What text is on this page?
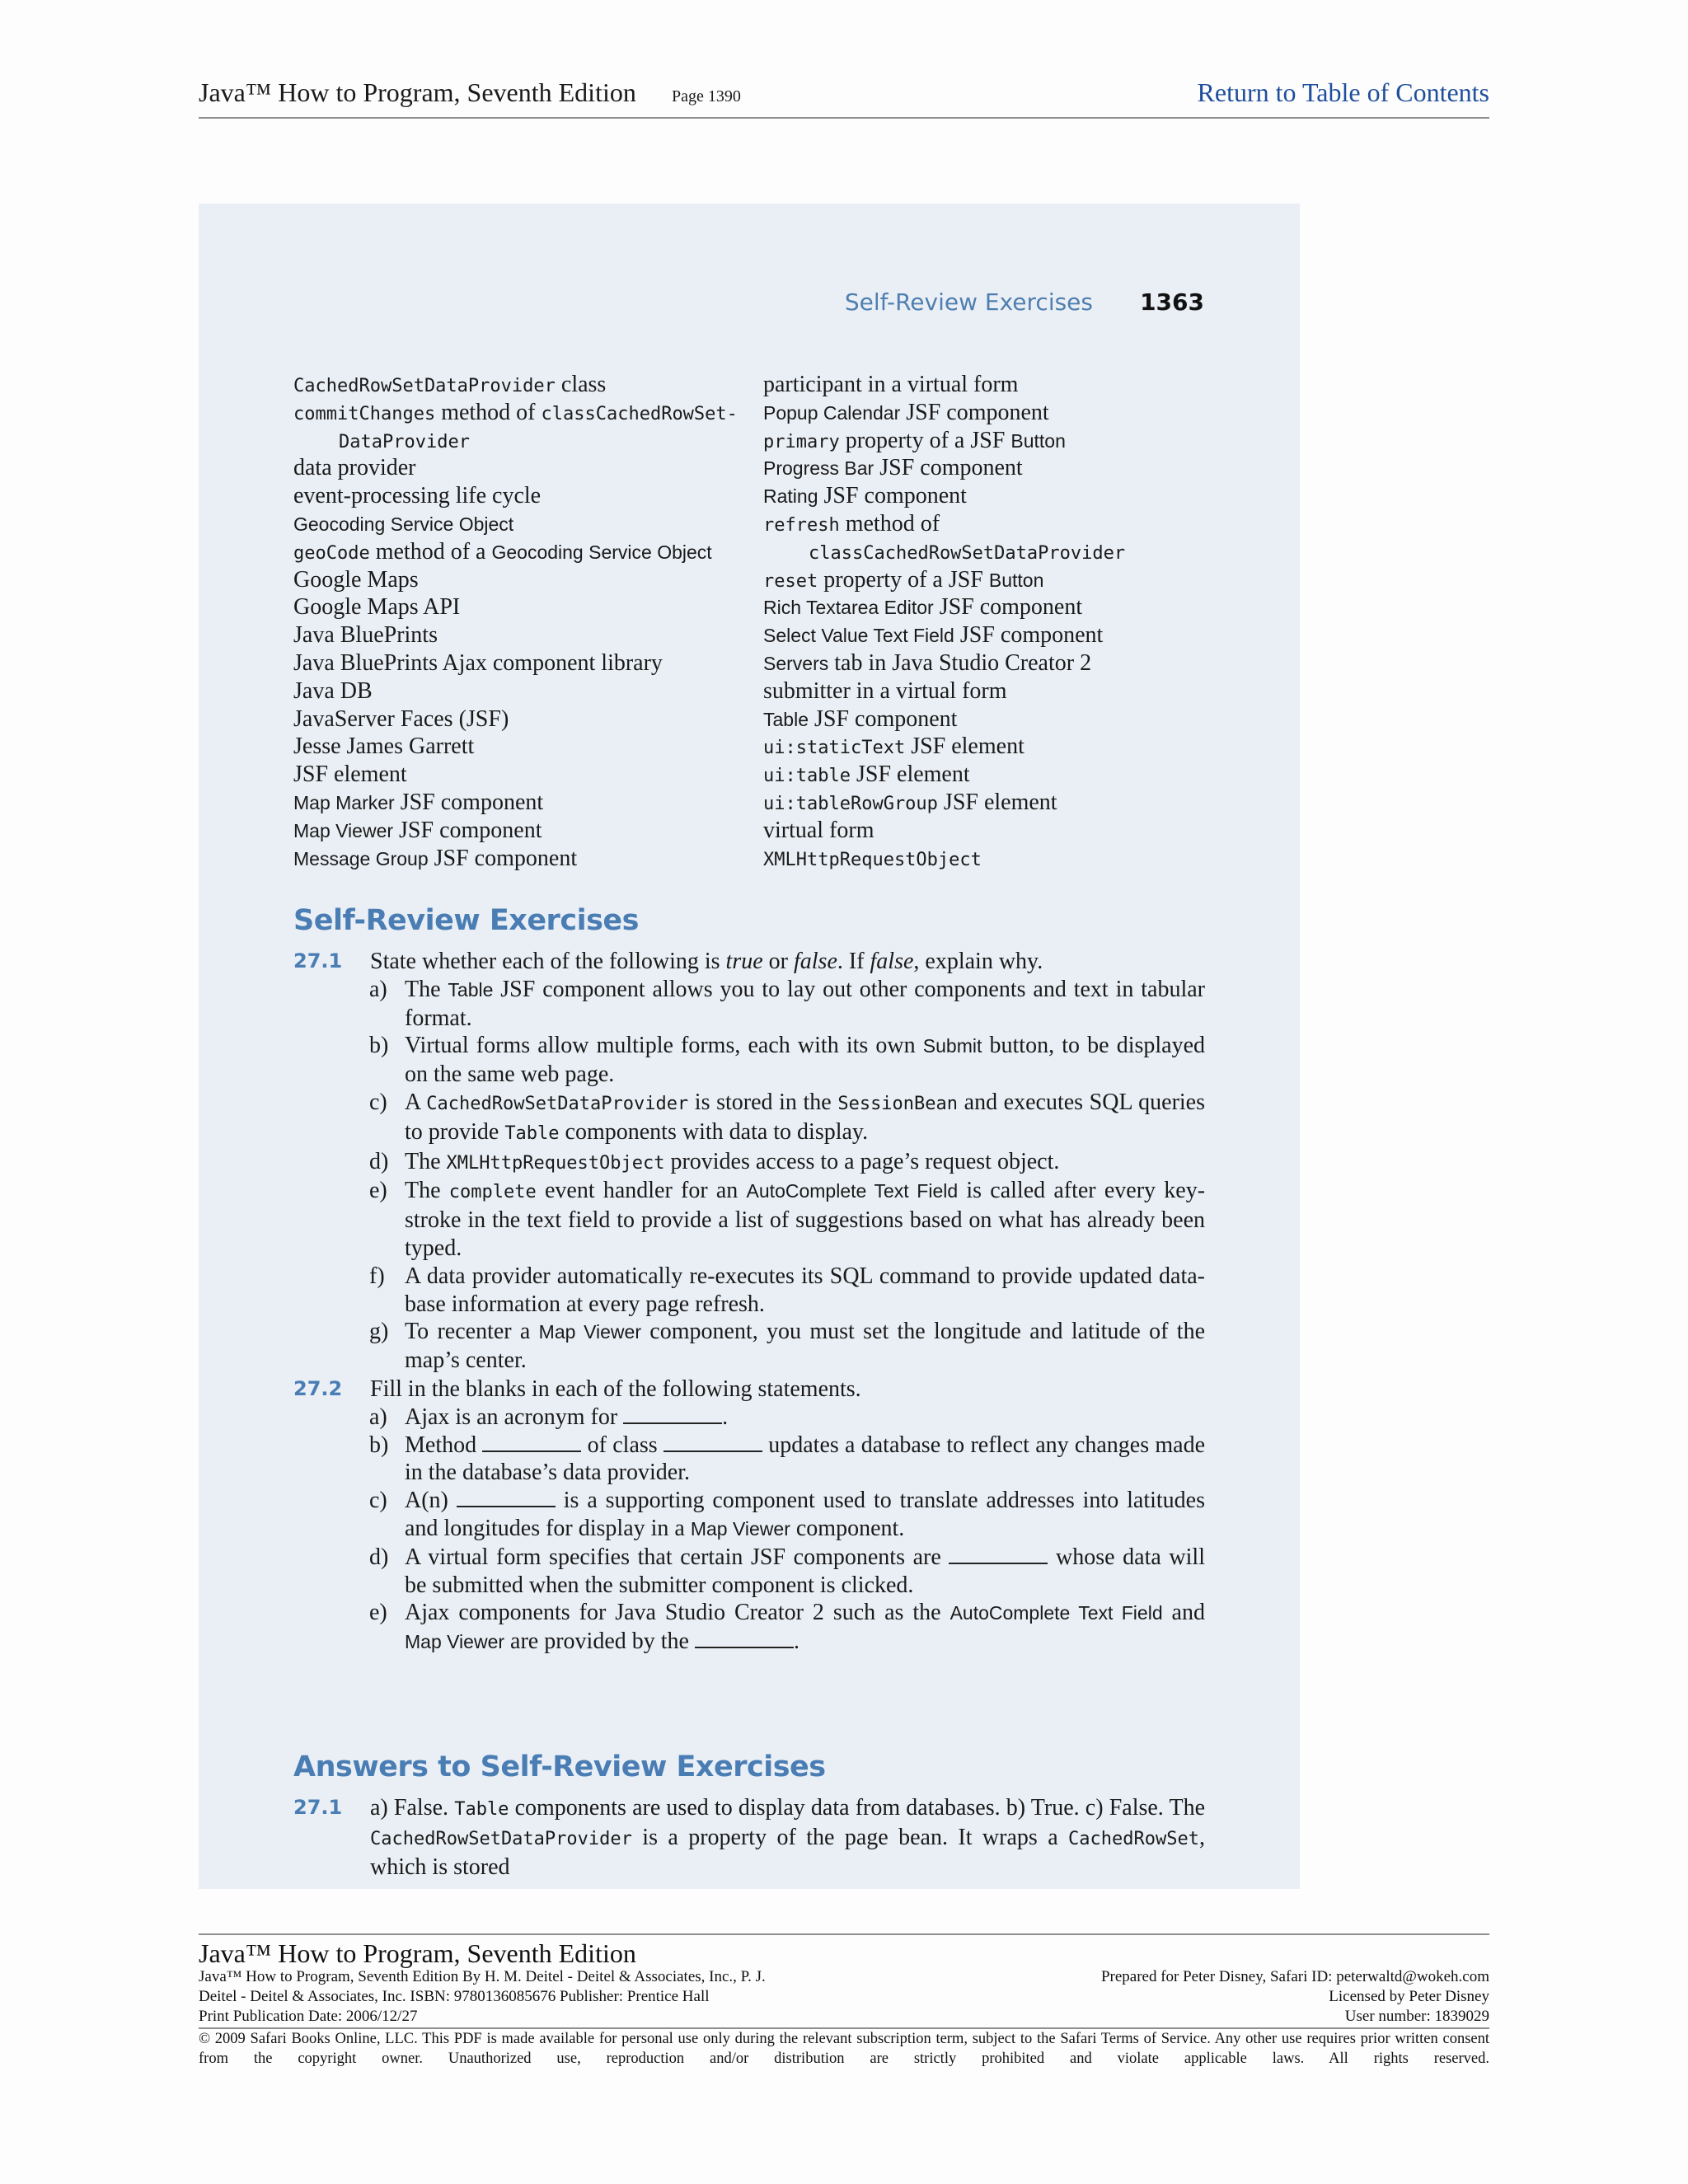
Java™ How to Program, Seventh Edition Page 1390	Return to Table of Contents
Self-Review Exercises 1363
CachedRowSetDataProvider class
commitChanges method of classCachedRowSet-
DataProvider
data provider
event-processing life cycle
Geocoding Service Object
geoCode method of a Geocoding Service Object
Google Maps
Google Maps API
Java BluePrints
Java BluePrints Ajax component library
Java DB
JavaServer Faces (JSF)
Jesse James Garrett
JSF element
Map Marker JSF component
Map Viewer JSF component
Message Group JSF component
participant in a virtual form
Popup Calendar JSF component
primary property of a JSF Button
Progress Bar JSF component
Rating JSF component
refresh method of
classCachedRowSetDataProvider
reset property of a JSF Button
Rich Textarea Editor JSF component
Select Value Text Field JSF component
Servers tab in Java Studio Creator 2
submitter in a virtual form
Table JSF component
ui:staticText JSF element
ui:table JSF element
ui:tableRowGroup JSF element
virtual form
XMLHttpRequestObject
Self-Review Exercises
27.1 State whether each of the following is true or false. If false, explain why.
a) The Table JSF component allows you to lay out other components and text in tabular format.
b) Virtual forms allow multiple forms, each with its own Submit button, to be displayed on the same web page.
c) A CachedRowSetDataProvider is stored in the SessionBean and executes SQL queries to provide Table components with data to display.
d) The XMLHttpRequestObject provides access to a page’s request object.
e) The complete event handler for an AutoComplete Text Field is called after every key-stroke in the text field to provide a list of suggestions based on what has already been typed.
f) A data provider automatically re-executes its SQL command to provide updated data-base information at every page refresh.
g) To recenter a Map Viewer component, you must set the longitude and latitude of the map’s center.
27.2 Fill in the blanks in each of the following statements.
a) Ajax is an acronym for	.
b) Method	of class	updates a database to reflect any changes made in the database’s data provider.
c) A(n)	is a supporting component used to translate addresses into latitudes and longitudes for display in a Map Viewer component.
d) A virtual form specifies that certain JSF components are	whose data will be submitted when the submitter component is clicked.
e) Ajax components for Java Studio Creator 2 such as the AutoComplete Text Field and Map Viewer are provided by the	.
Answers to Self-Review Exercises
27.1 a) False. Table components are used to display data from databases. b) True. c) False. The CachedRowSetDataProvider is a property of the page bean. It wraps a CachedRowSet, which is stored
Java™ How to Program, Seventh Edition
Java™ How to Program, Seventh Edition By H. M. Deitel - Deitel & Associates, Inc., P. J.
Deitel - Deitel & Associates, Inc. ISBN: 9780136085676 Publisher: Prentice Hall
Print Publication Date: 2006/12/27
Prepared for Peter Disney, Safari ID: peterwaltd@wokeh.com
Licensed by Peter Disney
User number: 1839029
© 2009 Safari Books Online, LLC. This PDF is made available for personal use only during the relevant subscription term, subject to the Safari Terms of Service. Any other use requires prior written consent from the copyright owner. Unauthorized use, reproduction and/or distribution are strictly prohibited and violate applicable laws. All rights reserved.
